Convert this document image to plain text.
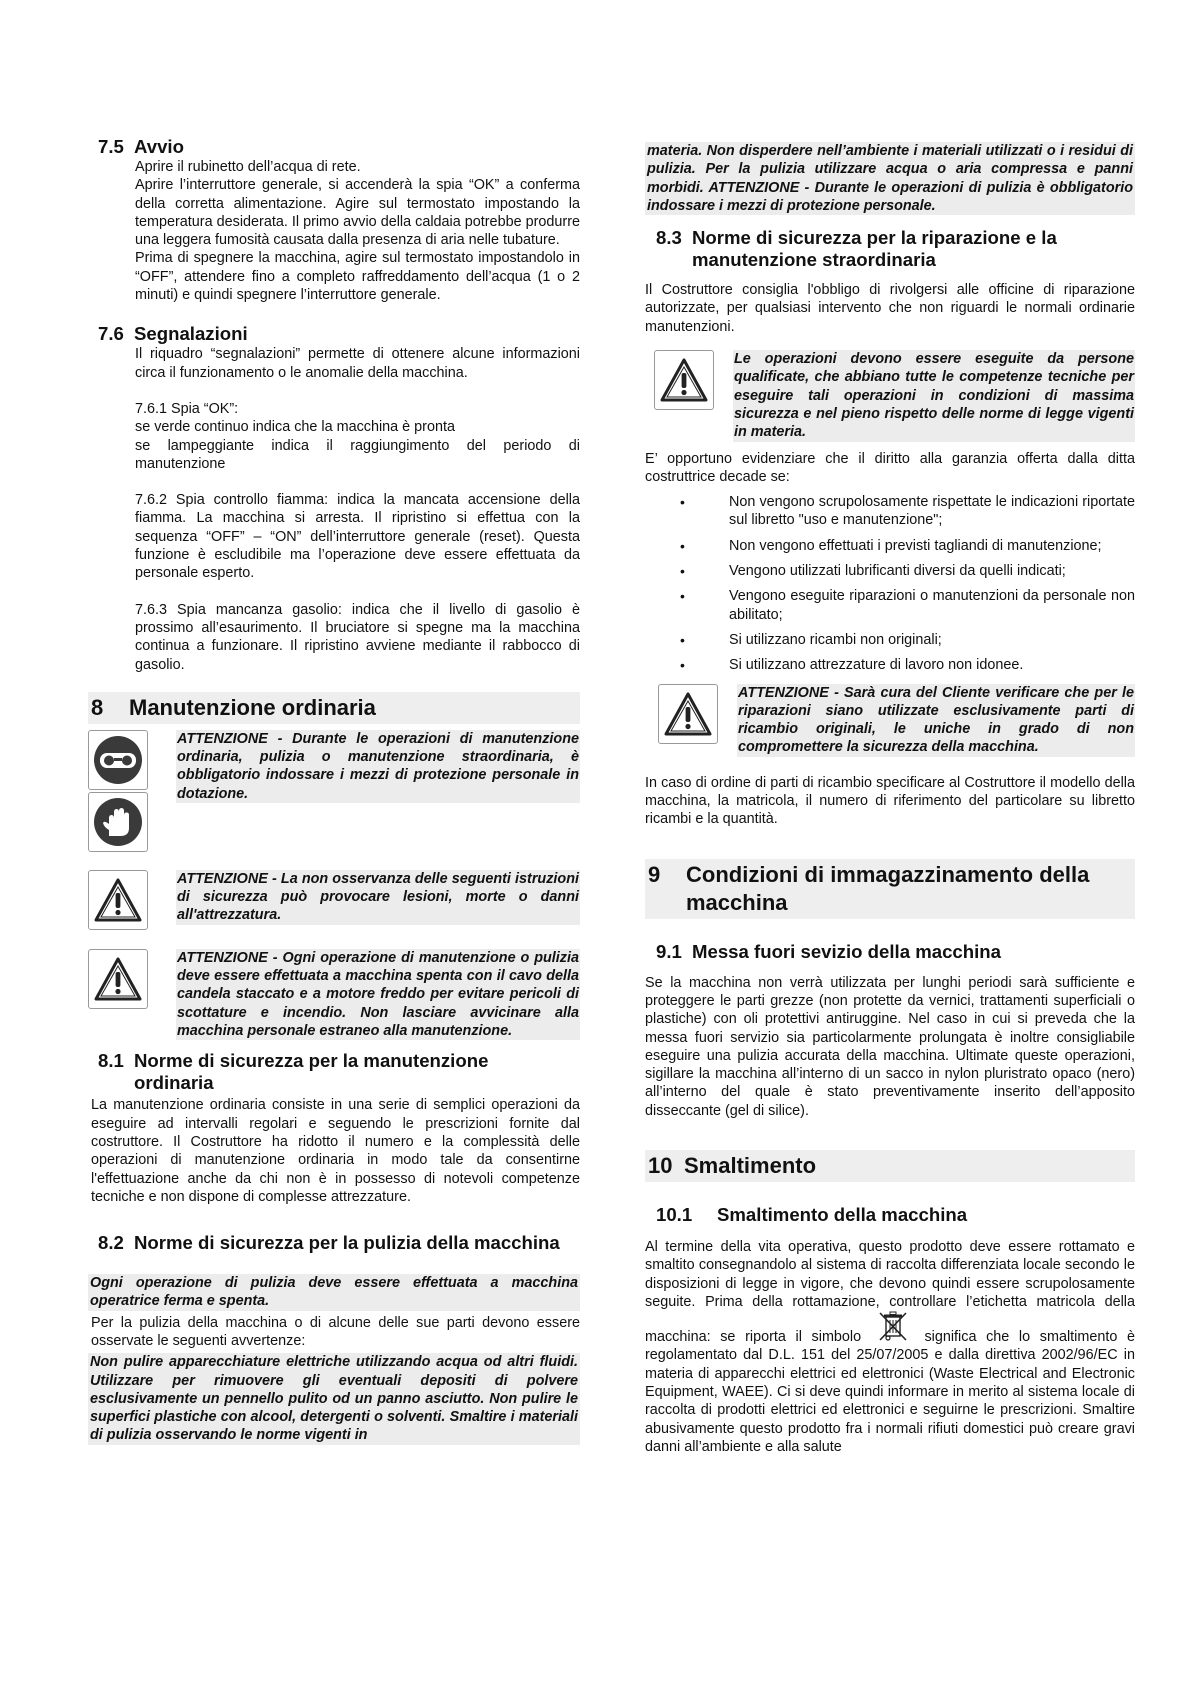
7.5 Avvio

Aprire il rubinetto dell’acqua di rete.

Aprire l’interruttore generale, si accenderà la spia “OK” a conferma della corretta alimentazione. Agire sul termostato impostando la temperatura desiderata. Il primo avvio della caldaia potrebbe produrre una leggera fumosità causata dalla presenza di aria nelle tubature.

Prima di spegnere la macchina, agire sul termostato impostandolo in “OFF”, attendere fino a completo raffreddamento dell’acqua (1 o 2 minuti) e quindi spegnere l’interruttore generale.

7.6 Segnalazioni

Il riquadro “segnalazioni” permette di ottenere alcune informazioni circa il funzionamento o le anomalie della macchina.

7.6.1 Spia “OK”:

se verde continuo indica che la macchina è pronta

se lampeggiante indica il raggiungimento del periodo di manutenzione

7.6.2 Spia controllo fiamma: indica la mancata accensione della fiamma. La macchina si arresta. Il ripristino si effettua con la sequenza “OFF” – “ON” dell’interruttore generale (reset). Questa funzione è escludibile ma l’operazione deve essere effettuata da personale esperto.

7.6.3 Spia mancanza gasolio: indica che il livello di gasolio è prossimo all’esaurimento. Il bruciatore si spegne ma la macchina continua a funzionare. Il ripristino avviene mediante il rabbocco di gasolio.

8 Manutenzione ordinaria
ATTENZIONE - Durante le operazioni di manutenzione ordinaria, pulizia o manutenzione straordinaria, è obbligatorio indossare i mezzi di protezione personale in dotazione.
ATTENZIONE - La non osservanza delle seguenti istruzioni di sicurezza può provocare lesioni, morte o danni all'attrezzatura.
ATTENZIONE - Ogni operazione di manutenzione o pulizia deve essere effettuata a macchina spenta con il cavo della candela staccato e a motore freddo per evitare pericoli di scottature e incendio. Non lasciare avvicinare alla macchina personale estraneo alla manutenzione.
8.1 Norme di sicurezza per la manutenzione ordinaria

La manutenzione ordinaria consiste in una serie di semplici operazioni da eseguire ad intervalli regolari e seguendo le prescrizioni fornite dal costruttore. Il Costruttore ha ridotto il numero e la complessità delle operazioni di manutenzione ordinaria in modo tale da consentirne l'effettuazione anche da chi non è in possesso di notevoli competenze tecniche e non dispone di complesse attrezzature.

8.2 Norme di sicurezza per la pulizia della macchina
Ogni operazione di pulizia deve essere effettuata a macchina operatrice ferma e spenta.

Per la pulizia della macchina o di alcune delle sue parti devono essere osservate le seguenti avvertenze:

Non pulire apparecchiature elettriche utilizzando acqua od altri fluidi. Utilizzare per rimuovere gli eventuali depositi di polvere esclusivamente un pennello pulito od un panno asciutto. Non pulire le superfici plastiche con alcool, detergenti o solventi. Smaltire i materiali di pulizia osservando le norme vigenti in
materia. Non disperdere nell’ambiente i materiali utilizzati o i residui di pulizia. Per la pulizia utilizzare acqua o aria compressa e panni morbidi. ATTENZIONE - Durante le operazioni di pulizia è obbligatorio indossare i mezzi di protezione personale.
8.3 Norme di sicurezza per la riparazione e la manutenzione straordinaria

Il Costruttore consiglia l'obbligo di rivolgersi alle officine di riparazione autorizzate, per qualsiasi intervento che non riguardi le normali ordinarie manutenzioni.

Le operazioni devono essere eseguite da persone qualificate, che abbiano tutte le competenze tecniche per eseguire tali operazioni in condizioni di massima sicurezza e nel pieno rispetto delle norme di legge vigenti in materia.

E’ opportuno evidenziare che il diritto alla garanzia offerta dalla ditta costruttrice decade se:

• Non vengono scrupolosamente rispettate le indicazioni riportate sul libretto "uso e manutenzione";
• Non vengono effettuati i previsti tagliandi di manutenzione;
• Vengono utilizzati lubrificanti diversi da quelli indicati;
• Vengono eseguite riparazioni o manutenzioni da personale non abilitato;
• Si utilizzano ricambi non originali;
• Si utilizzano attrezzature di lavoro non idonee.
ATTENZIONE - Sarà cura del Cliente verificare che per le riparazioni siano utilizzate esclusivamente parti di ricambio originali, le uniche in grado di non compromettere la sicurezza della macchina.

In caso di ordine di parti di ricambio specificare al Costruttore il modello della macchina, la matricola, il numero di riferimento del particolare su libretto ricambi e la quantità.

9	Condizioni di immagazzinamento della macchina
9.1 Messa fuori sevizio della macchina

Se la macchina non verrà utilizzata per lunghi periodi sarà sufficiente e proteggere le parti grezze (non protette da vernici, trattamenti superficiali o plastiche) con oli protettivi antiruggine. Nel caso in cui si preveda che la messa fuori servizio sia particolarmente prolungata è inoltre consigliabile eseguire una pulizia accurata della macchina. Ultimate queste operazioni, sigillare la macchina all’interno di un sacco in nylon pluristrato opaco (nero) all’interno del quale è stato preventivamente inserito dell’apposito disseccante (gel di silice).

10 Smaltimento
10.1 Smaltimento della macchina

Al termine della vita operativa, questo prodotto deve essere rottamato e smaltito consegnandolo al sistema di raccolta differenziata locale secondo le disposizioni di legge in vigore, che devono quindi essere scrupolosamente seguite. Prima della rottamazione, controllare l’etichetta matricola della macchina: se riporta il simbolo	significa che lo smaltimento è regolamentato dal D.L. 151 del 25/07/2005 e dalla direttiva 2002/96/EC in materia di apparecchi elettrici ed elettronici (Waste Electrical and Electronic Equipment, WAEE). Ci si deve quindi informare in merito al sistema locale di raccolta di prodotti elettrici ed elettronici e seguirne le prescrizioni. Smaltire abusivamente questo prodotto fra i normali rifiuti domestici può creare gravi danni all’ambiente e alla salute
